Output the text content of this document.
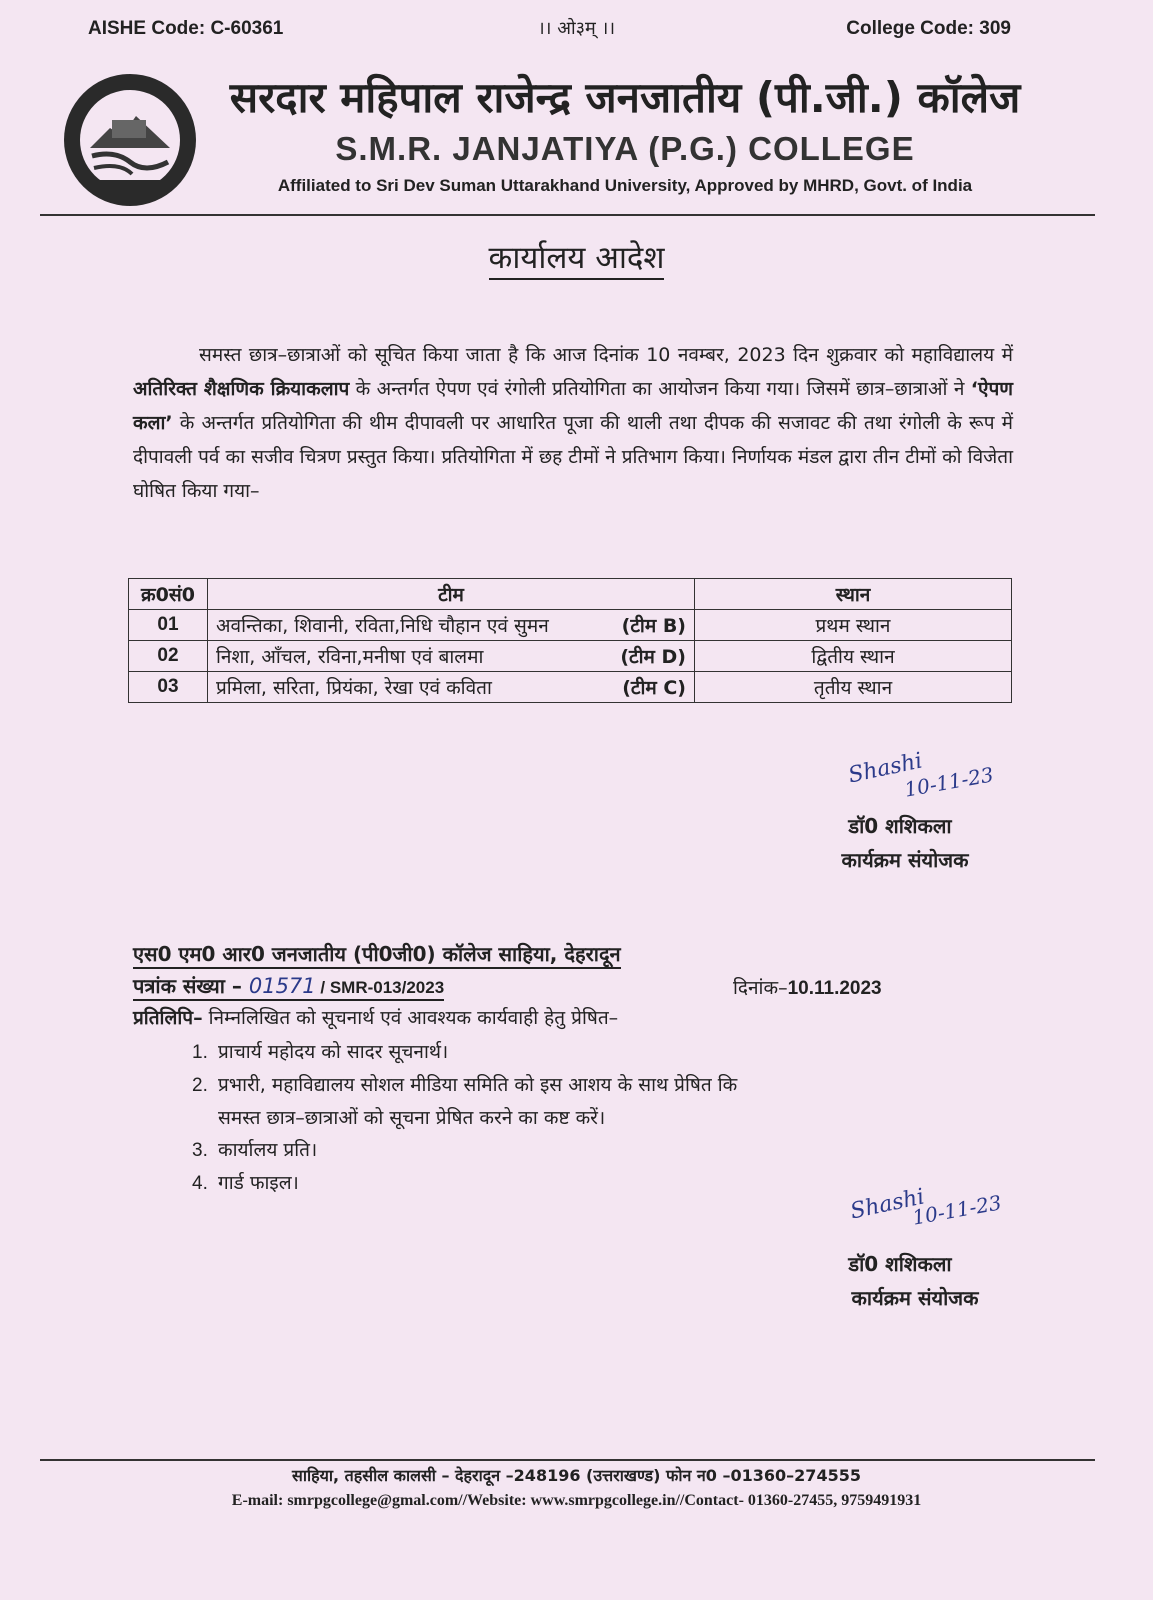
AISHE Code: C-60361	।। ओ३म् ।।	College Code: 309
सरदार महिपाल राजेन्द्र जनजातीय (पी.जी.) कॉलेज
S.M.R. JANJATIYA (P.G.) COLLEGE
Affiliated to Sri Dev Suman Uttarakhand University, Approved by MHRD, Govt. of India
कार्यालय आदेश
समस्त छात्र–छात्राओं को सूचित किया जाता है कि आज दिनांक 10 नवम्बर, 2023 दिन शुक्रवार को महाविद्यालय में अतिरिक्त शैक्षणिक क्रियाकलाप के अन्तर्गत ऐपण एवं रंगोली प्रतियोगिता का आयोजन किया गया। जिसमें छात्र–छात्राओं ने ‘ऐपण कला’ के अन्तर्गत प्रतियोगिता की थीम दीपावली पर आधारित पूजा की थाली तथा दीपक की सजावट की तथा रंगोली के रूप में दीपावली पर्व का सजीव चित्रण प्रस्तुत किया। प्रतियोगिता में छह टीमों ने प्रतिभाग किया। निर्णायक मंडल द्वारा तीन टीमों को विजेता घोषित किया गया–
क्र0सं0	टीम	स्थान
01	अवन्तिका, शिवानी, रविता,निधि चौहान एवं सुमन (टीम B)	प्रथम स्थान
02	निशा, आँचल, रविना,मनीषा एवं बालमा (टीम D)	द्वितीय स्थान
03	प्रमिला, सरिता, प्रियंका, रेखा एवं कविता (टीम C)	तृतीय स्थान
Shashi
10-11-23
डॉ0 शशिकला
कार्यक्रम संयोजक
एस0 एम0 आर0 जनजातीय (पी0जी0) कॉलेज साहिया, देहरादून
पत्रांक संख्या – 01571 / SMR-013/2023	दिनांक–10.11.2023
प्रतिलिपि– निम्नलिखित को सूचनार्थ एवं आवश्यक कार्यवाही हेतु प्रेषित–
1. प्राचार्य महोदय को सादर सूचनार्थ।
2. प्रभारी, महाविद्यालय सोशल मीडिया समिति को इस आशय के साथ प्रेषित कि
समस्त छात्र–छात्राओं को सूचना प्रेषित करने का कष्ट करें।
3. कार्यालय प्रति।
4. गार्ड फाइल।
Shashi
10-11-23
डॉ0 शशिकला
कार्यक्रम संयोजक
साहिया, तहसील कालसी – देहरादून –248196 (उत्तराखण्ड) फोन न0 –01360–274555
E-mail: smrpgcollege@gmal.com//Website: www.smrpgcollege.in//Contact- 01360-27455, 9759491931
